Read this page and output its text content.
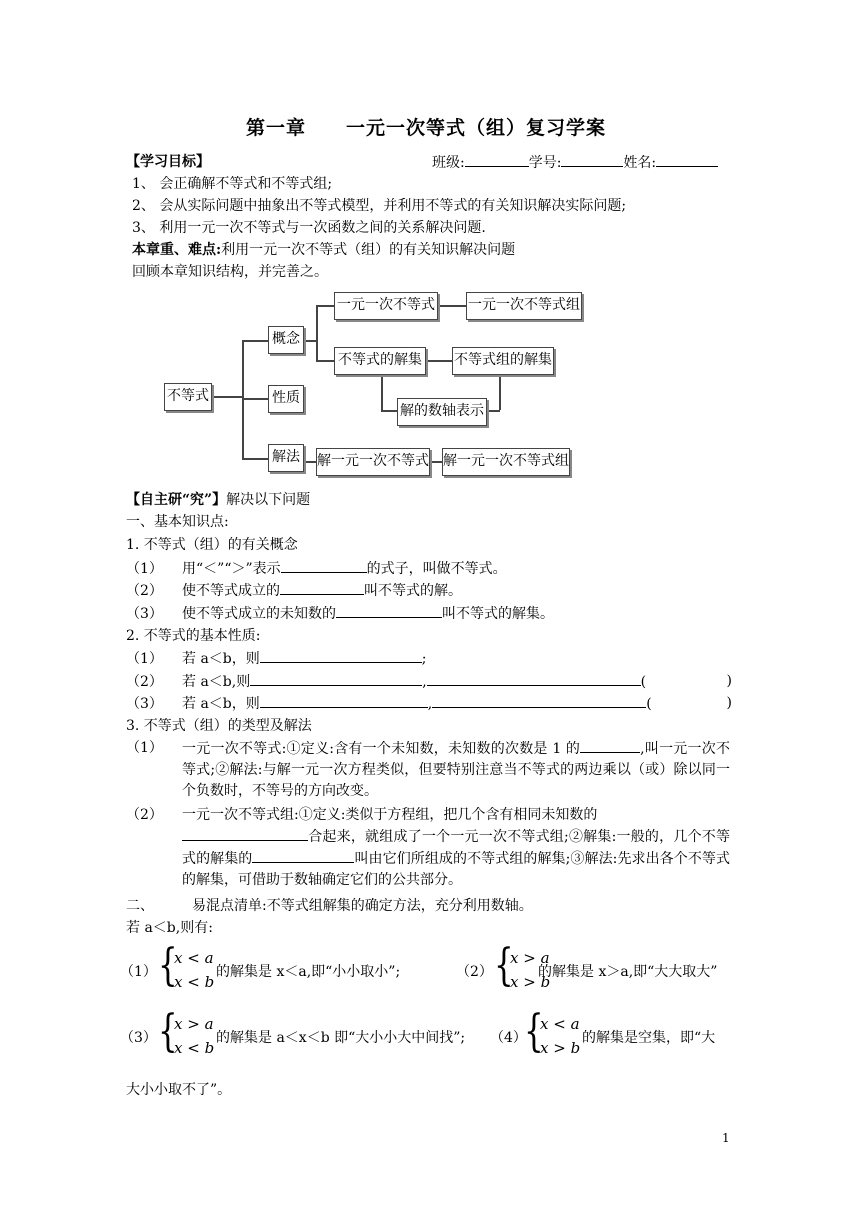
第一章　　一元一次等式（组）复习学案
【学习目标】	班级:	学号:	姓名:
1、 会正确解不等式和不等式组;
2、 会从实际问题中抽象出不等式模型，并利用不等式的有关知识解决实际问题;
3、 利用一元一次不等式与一次函数之间的关系解决问题.
本章重、难点:利用一元一次不等式（组）的有关知识解决问题
回顾本章知识结构，并完善之。
不等式
概念
性质
解法
一元一次不等式 一元一次不等式组
不等式的解集 不等式组的解集
解的数轴表示
解一元一次不等式 解一元一次不等式组
【自主研“究”】解决以下问题
一、基本知识点:
1. 不等式（组）的有关概念
（1） 用“＜”“＞”表示	的式子，叫做不等式。
（2） 使不等式成立的	叫不等式的解。
（3） 使不等式成立的未知数的	叫不等式的解集。
2. 不等式的基本性质:
（1） 若 a＜b，则	;
（2） 若 a＜b,则	,	(	)
（3） 若 a＜b，则	,	(	)
3. 不等式（组）的类型及解法
（1） 一元一次不等式:①定义:含有一个未知数，未知数的次数是 1 的	,叫一元一次不等式;②解法:与解一元一次方程类似，但要特别注意当不等式的两边乘以（或）除以同一个负数时，不等号的方向改变。
（2） 一元一次不等式组:①定义:类似于方程组，把几个含有相同未知数的
合起来，就组成了一个一元一次不等式组;②解集:一般的，几个不等式的解集的	叫由它们所组成的不等式组的解集;③解法:先求出各个不等式的解集，可借助于数轴确定它们的公共部分。
二、	易混点清单:不等式组解集的确定方法，充分利用数轴。
若 a＜b,则有:
（1） {
x < a
x < b
的解集是 x＜a,即“小小取小”;	（2） {
x > a
x > b
的解集是 x＞a,即“大大取大”
（3） {
x > a
x < b
的解集是 a＜x＜b 即“大小小大中间找”; （4）
{
x < a
x > b
的解集是空集，即“大
大小小取不了”。
1
